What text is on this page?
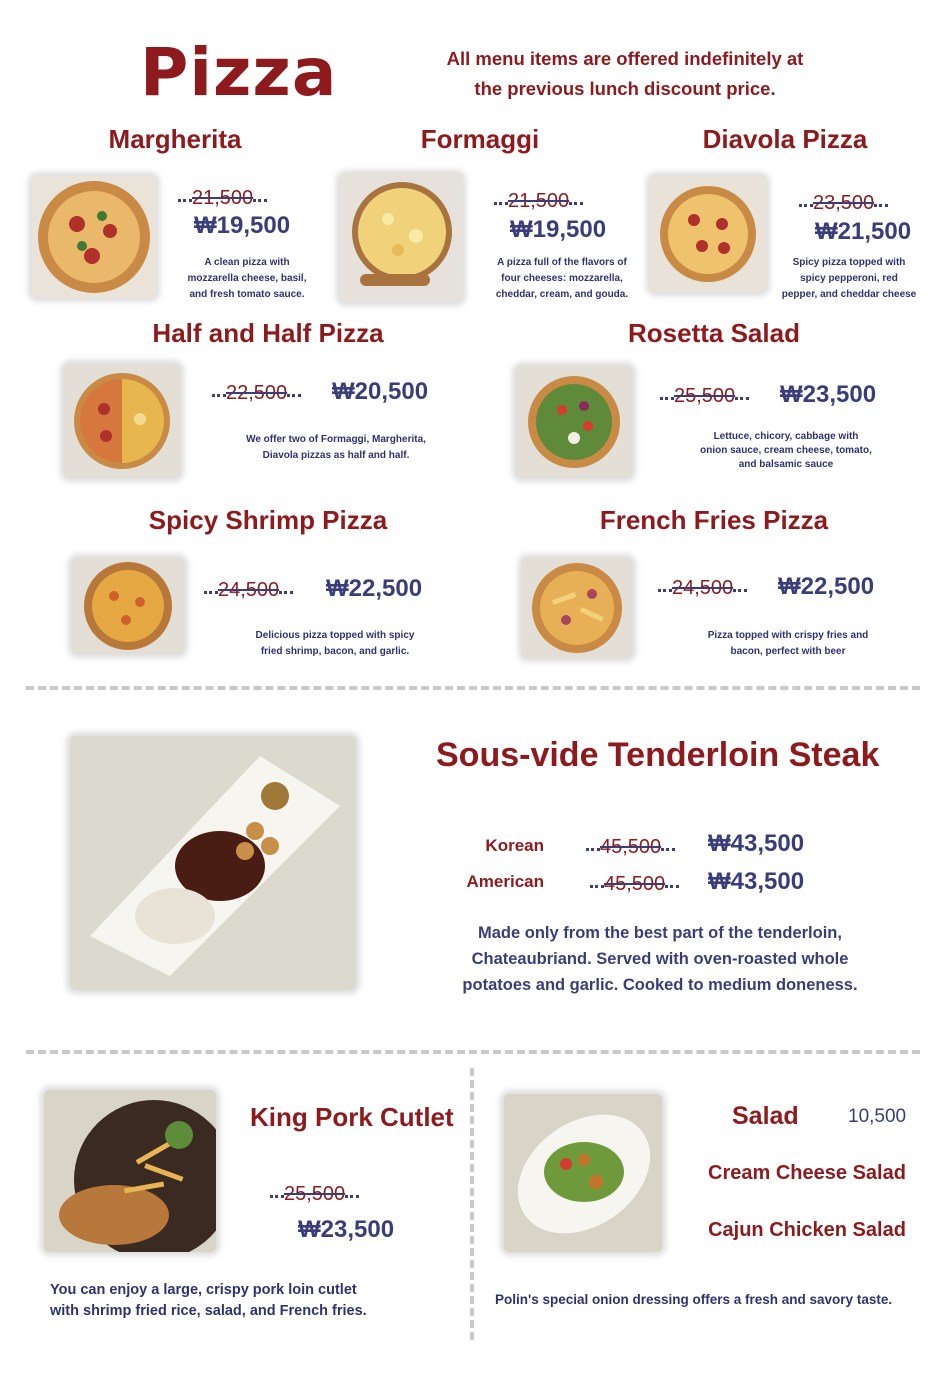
Pizza	All menu items are offered indefinitely at
the previous lunch discount price.
Margherita
21,500
₩19,500
A clean pizza with
mozzarella cheese, basil,
and fresh tomato sauce.
Formaggi
21,500
₩19,500
A pizza full of the flavors of
four cheeses: mozzarella,
cheddar, cream, and gouda.
Diavola Pizza
23,500
₩21,500
Spicy pizza topped with
spicy pepperoni, red
pepper, and cheddar cheese
Half and Half Pizza
22,500 ₩20,500
We offer two of Formaggi, Margherita,
Diavola pizzas as half and half.
Rosetta Salad
25,500 ₩23,500
Lettuce, chicory, cabbage with
onion sauce, cream cheese, tomato,
and balsamic sauce
Spicy Shrimp Pizza
24,500 ₩22,500
Delicious pizza topped with spicy
fried shrimp, bacon, and garlic.
French Fries Pizza
24,500 ₩22,500
Pizza topped with crispy fries and
bacon, perfect with beer
Sous-vide Tenderloin Steak
Korean	45,500 ₩43,500
American	45,500 ₩43,500
Made only from the best part of the tenderloin,
Chateaubriand. Served with oven-roasted whole
potatoes and garlic. Cooked to medium doneness.
King Pork Cutlet
25,500
₩23,500
You can enjoy a large, crispy pork loin cutlet
with shrimp fried rice, salad, and French fries.
Salad	10,500
Cream Cheese Salad
Cajun Chicken Salad
Polin's special onion dressing offers a fresh and savory taste.
